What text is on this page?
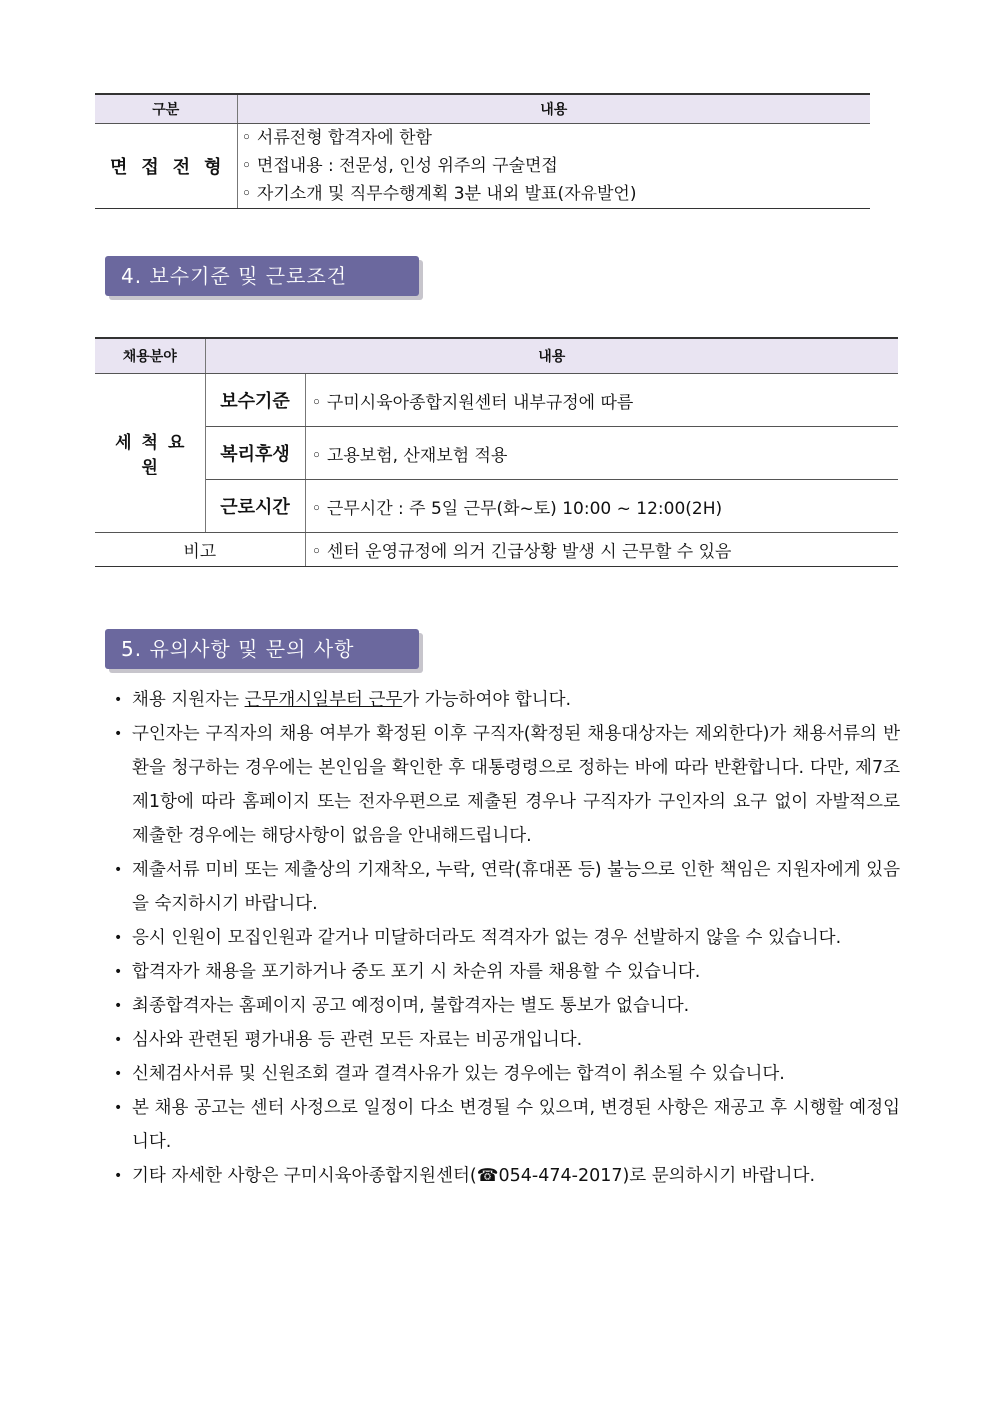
구분	내용
면접전형	◦ 서류전형 합격자에 한함
◦ 면접내용 : 전문성, 인성 위주의 구술면접
◦ 자기소개 및 직무수행계획 3분 내외 발표(자유발언)
4. 보수기준 및 근로조건
채용분야	내용	
세척요원	보수기준	◦ 구미시육아종합지원센터 내부규정에 따름
	복리후생	◦ 고용보험, 산재보험 적용
	근로시간	◦ 근무시간 : 주 5일 근무(화~토) 10:00 ~ 12:00(2H)
비고		◦ 센터 운영규정에 의거 긴급상황 발생 시 근무할 수 있음
5. 유의사항 및 문의 사항
• 채용 지원자는 근무개시일부터 근무가 가능하여야 합니다.
• 구인자는 구직자의 채용 여부가 확정된 이후 구직자(확정된 채용대상자는 제외한다)가 채용서류의 반환을 청구하는 경우에는 본인임을 확인한 후 대통령령으로 정하는 바에 따라 반환합니다. 다만, 제7조 제1항에 따라 홈페이지 또는 전자우편으로 제출된 경우나 구직자가 구인자의 요구 없이 자발적으로 제출한 경우에는 해당사항이 없음을 안내해드립니다.
• 제출서류 미비 또는 제출상의 기재착오, 누락, 연락(휴대폰 등) 불능으로 인한 책임은 지원자에게 있음을 숙지하시기 바랍니다.
• 응시 인원이 모집인원과 같거나 미달하더라도 적격자가 없는 경우 선발하지 않을 수 있습니다.
• 합격자가 채용을 포기하거나 중도 포기 시 차순위 자를 채용할 수 있습니다.
• 최종합격자는 홈페이지 공고 예정이며, 불합격자는 별도 통보가 없습니다.
• 심사와 관련된 평가내용 등 관련 모든 자료는 비공개입니다.
• 신체검사서류 및 신원조회 결과 결격사유가 있는 경우에는 합격이 취소될 수 있습니다.
• 본 채용 공고는 센터 사정으로 일정이 다소 변경될 수 있으며, 변경된 사항은 재공고 후 시행할 예정입니다.
• 기타 자세한 사항은 구미시육아종합지원센터(☎054-474-2017)로 문의하시기 바랍니다.
